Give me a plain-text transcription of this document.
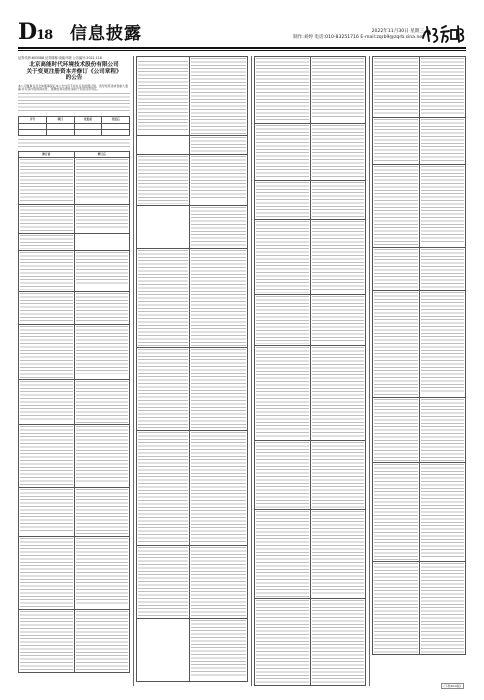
D18 信息披露	2022年11月30日 星期三
制作:刘婷 电话:010-83251716 E-mail:zqrb9@zqrb.sina.net
证券代码:603588 证券简称:高能环境 公告编号:2022-118
北京高能时代环境技术股份有限公司
关于变更注册资本并修订《公司章程》
的公告
本公司董事会及全体董事保证本公告内容不存在任何虚假记载、误导性陈述或者重大遗漏,并对其内容的真实性、准确性和完整性承担个别及连带责任。
序号	项目	变更前	变更后

修订前	修订后

(下转D19版)
